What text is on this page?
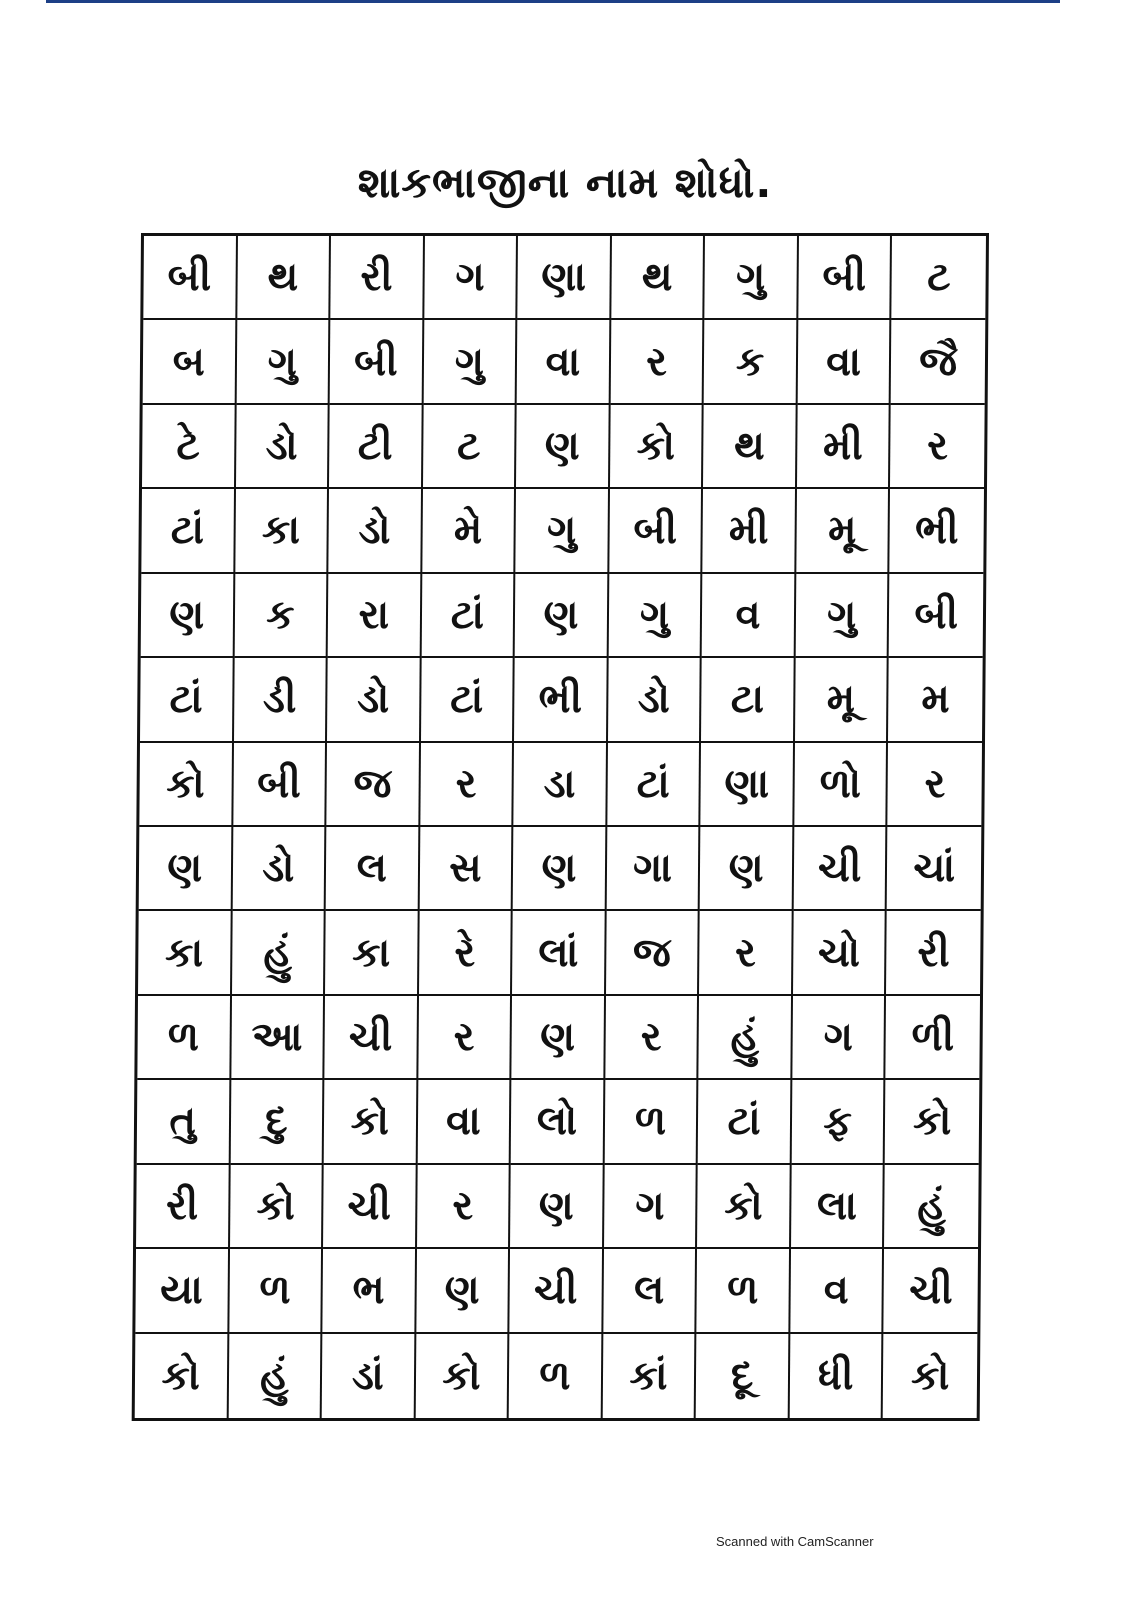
શાકભાજીના નામ શોધો.
બી	થ	રી	ગ	ણા	થ	ગુ	બી	ટ
બ	ગુ	બી	ગુ	વા	ર	ક	વા	જૈ
ટે	ડો	ટી	ટ	ણ	કો	થ	મી	ર
ટાં	કા	ડો	મે	ગુ	બી	મી	મૂ	ભી
ણ	ક	રા	ટાં	ણ	ગુ	વ	ગુ	બી
ટાં	ડી	ડો	ટાં	ભી	ડો	ટા	મૂ	મ
કો	બી	જ	ર	ડા	ટાં	ણા	ળો	ર
ણ	ડો	લ	સ	ણ	ગા	ણ	ચી	ચાં
કા	હું	કા	રે	લાં	જ	ર	ચો	રી
ળ	આ	ચી	ર	ણ	ર	હું	ગ	ળી
તુ	દુ	કો	વા	લો	ળ	ટાં	ફ	કો
રી	કો	ચી	ર	ણ	ગ	કો	લા	હું
યા	ળ	ભ	ણ	ચી	લ	ળ	વ	ચી
કો	હું	ડાં	કો	ળ	કાં	દૂ	ધી	કો
Scanned with CamScanner
